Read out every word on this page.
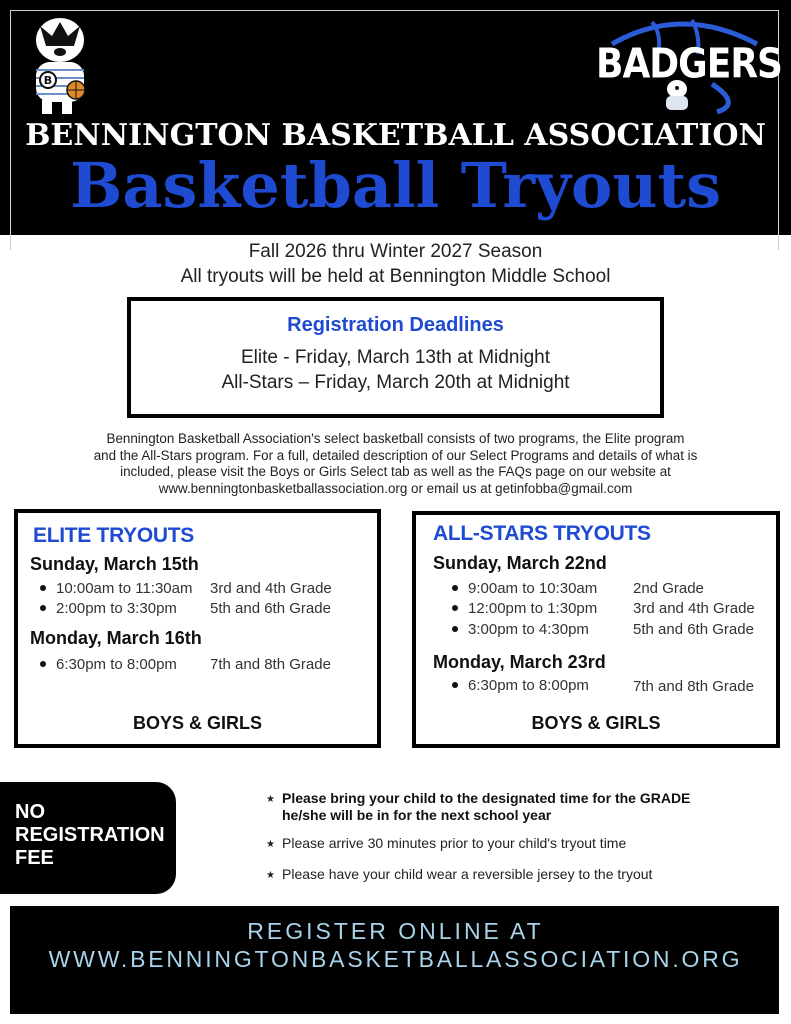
B	BADGERS
BENNINGTON BASKETBALL ASSOCIATION
Basketball Tryouts
Fall 2026 thru Winter 2027 Season
All tryouts will be held at Bennington Middle School
Registration Deadlines
Elite - Friday, March 13th at Midnight
All-Stars – Friday, March 20th at Midnight
Bennington Basketball Association's select basketball consists of two programs, the Elite program
and the All-Stars program. For a full, detailed description of our Select Programs and details of what is
included, please visit the Boys or Girls Select tab as well as the FAQs page on our website at
www.benningtonbasketballassociation.org or email us at getinfobba@gmail.com
ELITE TRYOUTS
Sunday, March 15th
10:00am to 11:30am 3rd and 4th Grade
2:00pm to 3:30pm 5th and 6th Grade
Monday, March 16th
6:30pm to 8:00pm 7th and 8th Grade
BOYS & GIRLS
ALL-STARS TRYOUTS
Sunday, March 22nd
9:00am to 10:30am 2nd Grade
12:00pm to 1:30pm 3rd and 4th Grade
3:00pm to 4:30pm	5th and 6th Grade
Monday, March 23rd
6:30pm to 8:00pm	7th and 8th Grade
BOYS & GIRLS
NO
REGISTRATION
FEE
★ Please bring your child to the designated time for the GRADE
he/she will be in for the next school year
★ Please arrive 30 minutes prior to your child's tryout time
★ Please have your child wear a reversible jersey to the tryout
REGISTER ONLINE AT
WWW.BENNINGTONBASKETBALLASSOCIATION.ORG
